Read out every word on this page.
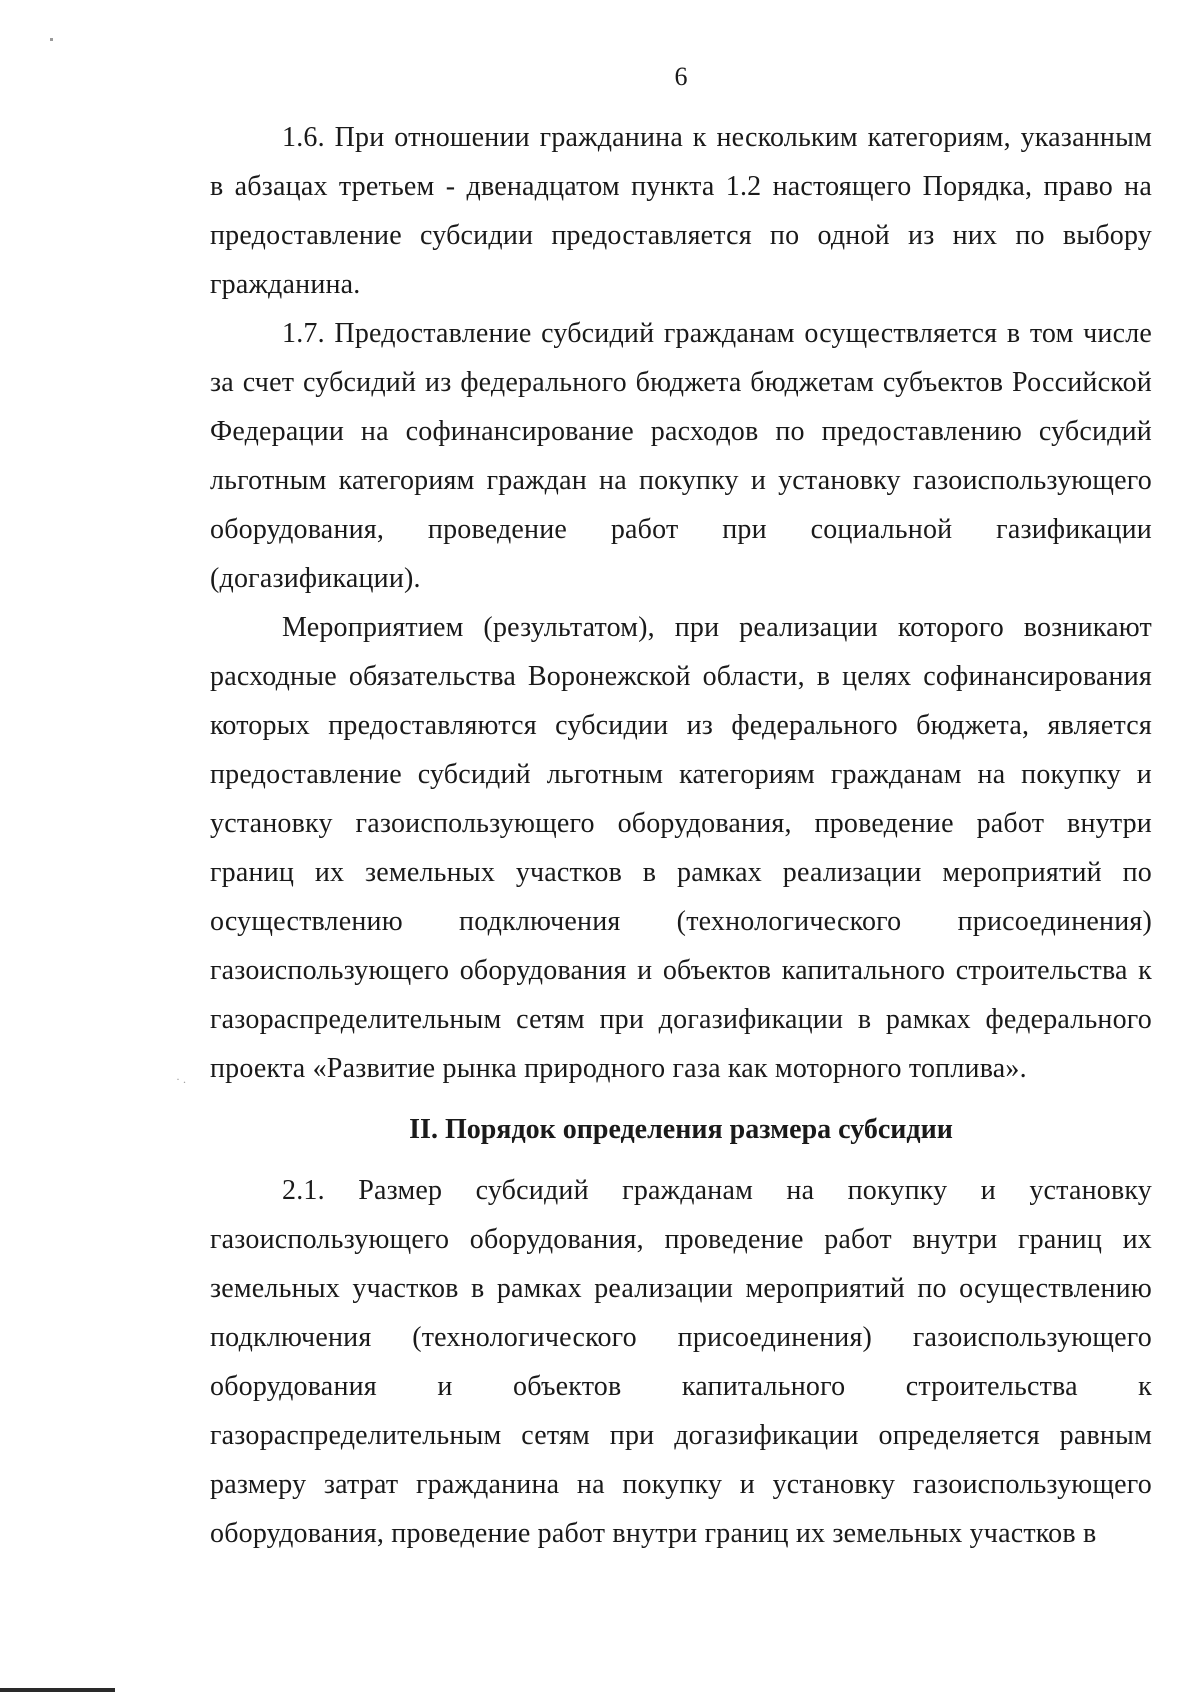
6

1.6. При отношении гражданина к нескольким категориям, указанным в абзацах третьем - двенадцатом пункта 1.2 настоящего Порядка, право на предоставление субсидии предоставляется по одной из них по выбору гражданина.

1.7. Предоставление субсидий гражданам осуществляется в том числе за счет субсидий из федерального бюджета бюджетам субъектов Российской Федерации на софинансирование расходов по предоставлению субсидий льготным категориям граждан на покупку и установку газоиспользующего оборудования, проведение работ при социальной газификации (догазификации).

Мероприятием (результатом), при реализации которого возникают расходные обязательства Воронежской области, в целях софинансирования которых предоставляются субсидии из федерального бюджета, является предоставление субсидий льготным категориям гражданам на покупку и установку газоиспользующего оборудования, проведение работ внутри границ их земельных участков в рамках реализации мероприятий по осуществлению подключения (технологического присоединения) газоиспользующего оборудования и объектов капитального строительства к газораспределительным сетям при догазификации в рамках федерального проекта «Развитие рынка природного газа как моторного топлива».

II. Порядок определения размера субсидии

2.1. Размер субсидий гражданам на покупку и установку газоиспользующего оборудования, проведение работ внутри границ их земельных участков в рамках реализации мероприятий по осуществлению подключения (технологического присоединения) газоиспользующего оборудования и объектов капитального строительства к газораспределительным сетям при догазификации определяется равным размеру затрат гражданина на покупку и установку газоиспользующего оборудования, проведение работ внутри границ их земельных участков в

· .
